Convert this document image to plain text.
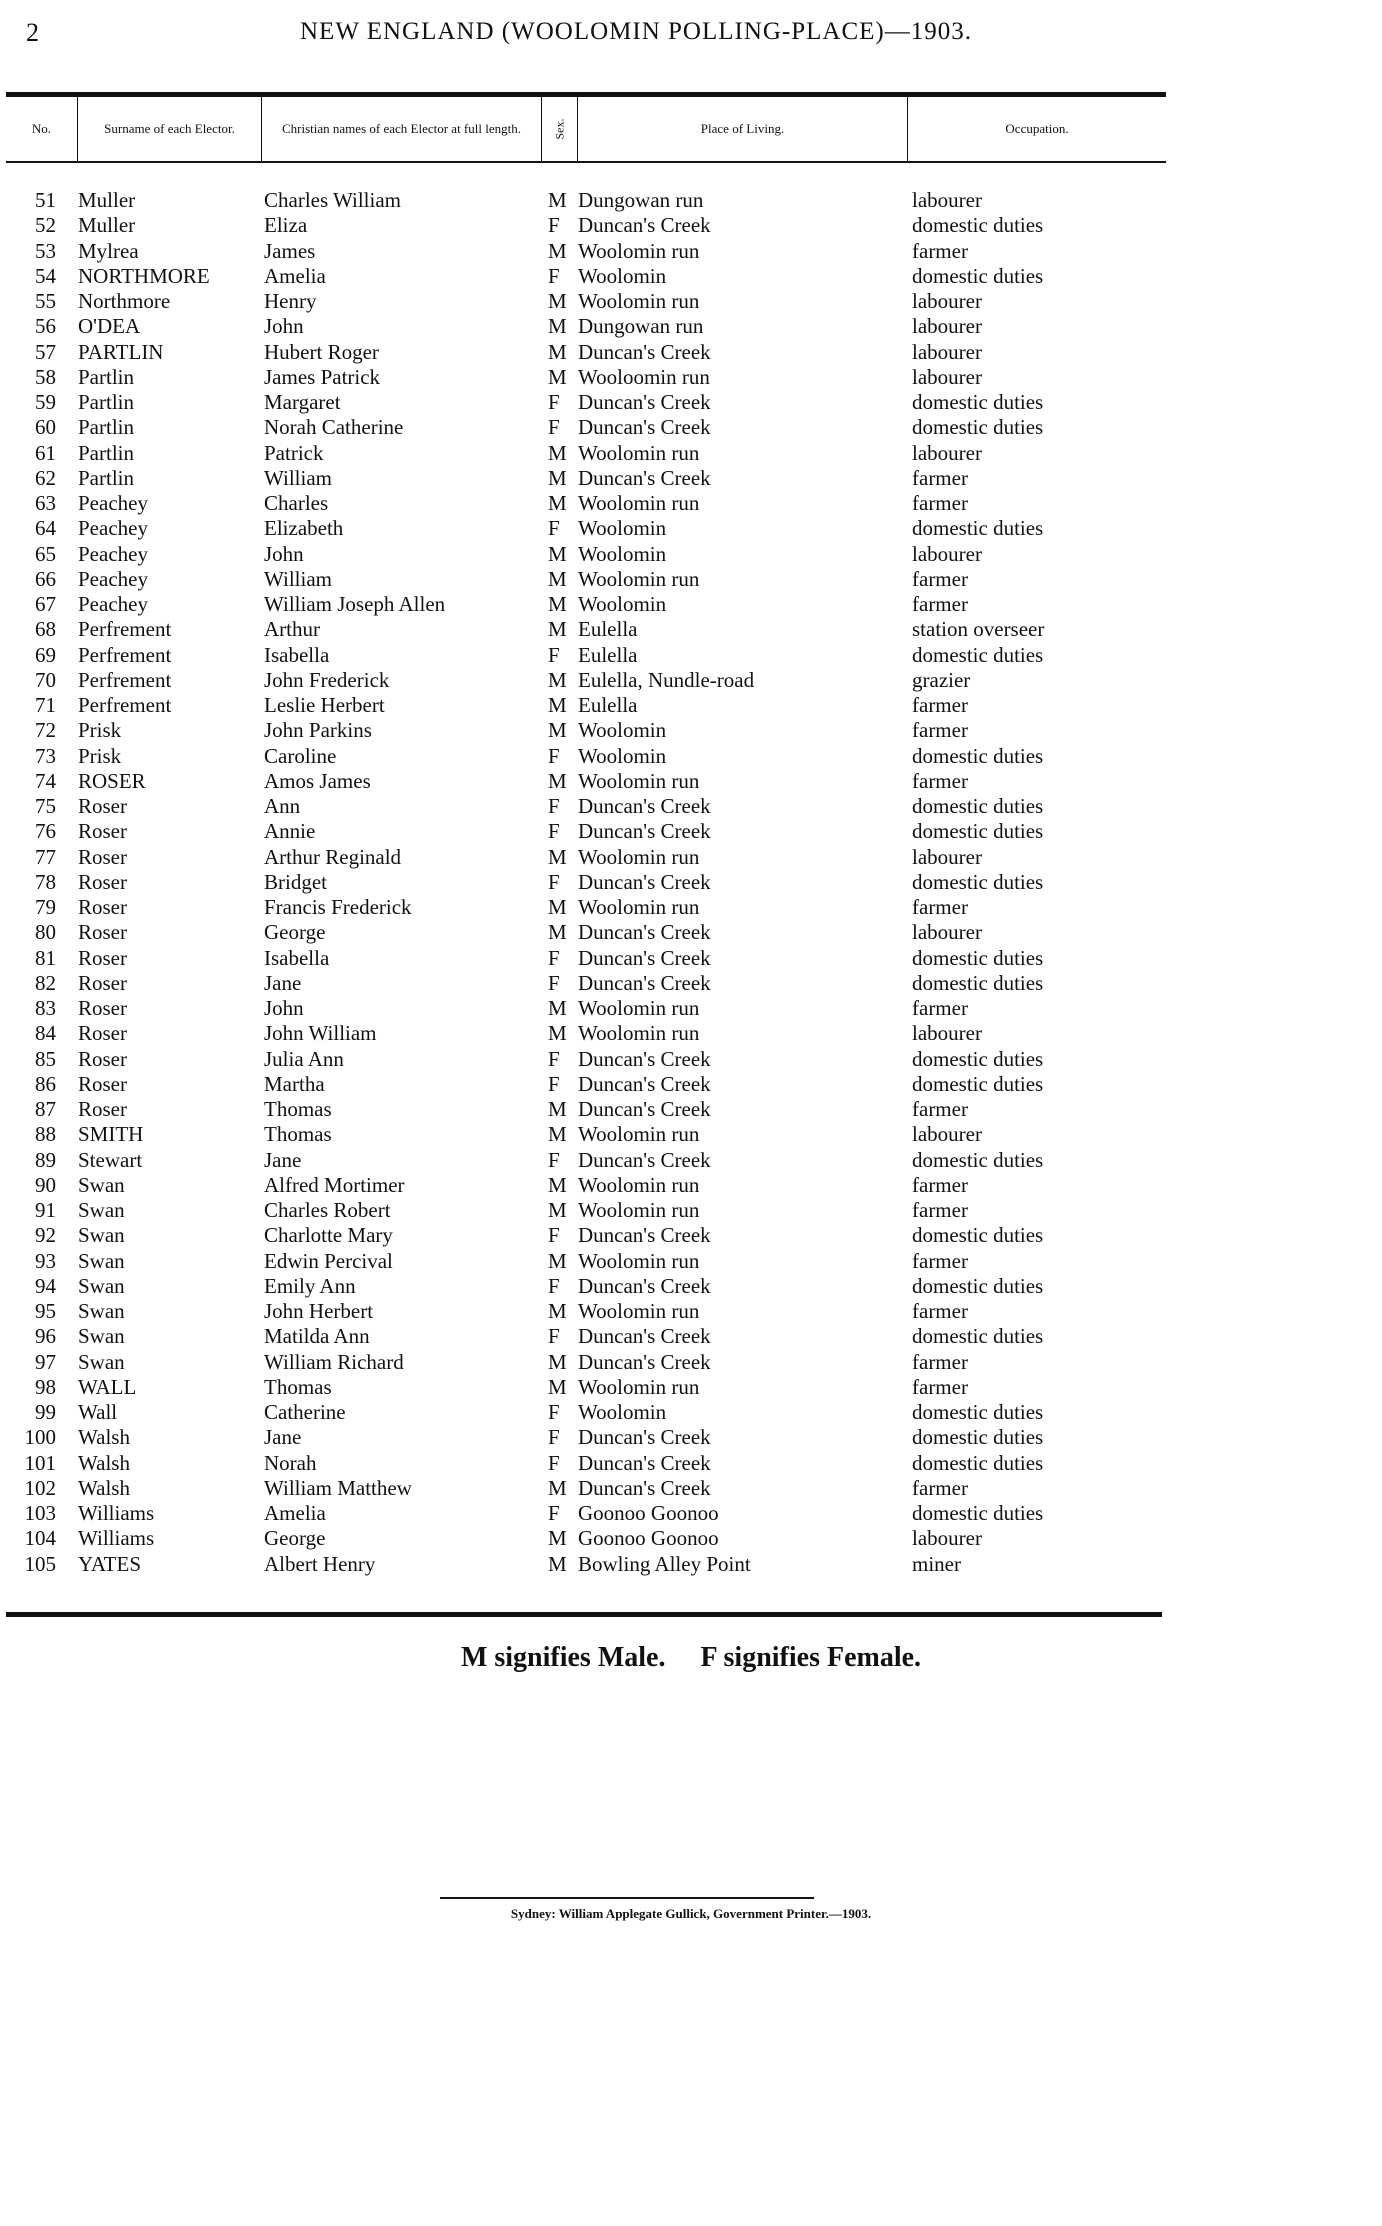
2	NEW ENGLAND (WOOLOMIN POLLING-PLACE)—1903.
No.	Surname of each Elector.	Christian names of each Elector at full length.	Sex.	Place of Living.	Occupation.
51 Muller	Charles William	M Dungowan run	labourer
52 Muller	Eliza	F Duncan's Creek	domestic duties
53 Mylrea	James	M Woolomin run	farmer
54 NORTHMORE	Amelia	F Woolomin	domestic duties
55 Northmore	Henry	M Woolomin run	labourer
56 O'DEA	John	M Dungowan run	labourer
57 PARTLIN	Hubert Roger	M Duncan's Creek	labourer
58 Partlin	James Patrick	M Wooloomin run	labourer
59 Partlin	Margaret	F Duncan's Creek	domestic duties
60 Partlin	Norah Catherine	F Duncan's Creek	domestic duties
61 Partlin	Patrick	M Woolomin run	labourer
62 Partlin	William	M Duncan's Creek	farmer
63 Peachey	Charles	M Woolomin run	farmer
64 Peachey	Elizabeth	F Woolomin	domestic duties
65 Peachey	John	M Woolomin	labourer
66 Peachey	William	M Woolomin run	farmer
67 Peachey	William Joseph Allen	M Woolomin	farmer
68 Perfrement	Arthur	M Eulella	station overseer
69 Perfrement	Isabella	F Eulella	domestic duties
70 Perfrement	John Frederick	M Eulella, Nundle-road	grazier
71 Perfrement	Leslie Herbert	M Eulella	farmer
72 Prisk	John Parkins	M Woolomin	farmer
73 Prisk	Caroline	F Woolomin	domestic duties
74 ROSER	Amos James	M Woolomin run	farmer
75 Roser	Ann	F Duncan's Creek	domestic duties
76 Roser	Annie	F Duncan's Creek	domestic duties
77 Roser	Arthur Reginald	M Woolomin run	labourer
78 Roser	Bridget	F Duncan's Creek	domestic duties
79 Roser	Francis Frederick	M Woolomin run	farmer
80 Roser	George	M Duncan's Creek	labourer
81 Roser	Isabella	F Duncan's Creek	domestic duties
82 Roser	Jane	F Duncan's Creek	domestic duties
83 Roser	John	M Woolomin run	farmer
84 Roser	John William	M Woolomin run	labourer
85 Roser	Julia Ann	F Duncan's Creek	domestic duties
86 Roser	Martha	F Duncan's Creek	domestic duties
87 Roser	Thomas	M Duncan's Creek	farmer
88 SMITH	Thomas	M Woolomin run	labourer
89 Stewart	Jane	F Duncan's Creek	domestic duties
90 Swan	Alfred Mortimer	M Woolomin run	farmer
91 Swan	Charles Robert	M Woolomin run	farmer
92 Swan	Charlotte Mary	F Duncan's Creek	domestic duties
93 Swan	Edwin Percival	M Woolomin run	farmer
94 Swan	Emily Ann	F Duncan's Creek	domestic duties
95 Swan	John Herbert	M Woolomin run	farmer
96 Swan	Matilda Ann	F Duncan's Creek	domestic duties
97 Swan	William Richard	M Duncan's Creek	farmer
98 WALL	Thomas	M Woolomin run	farmer
99 Wall	Catherine	F Woolomin	domestic duties
100 Walsh	Jane	F Duncan's Creek	domestic duties
101 Walsh	Norah	F Duncan's Creek	domestic duties
102 Walsh	William Matthew	M Duncan's Creek	farmer
103 Williams	Amelia	F Goonoo Goonoo	domestic duties
104 Williams	George	M Goonoo Goonoo	labourer
105 YATES	Albert Henry	M Bowling Alley Point	miner
M signifies Male. F signifies Female.
Sydney: William Applegate Gullick, Government Printer.—1903.
